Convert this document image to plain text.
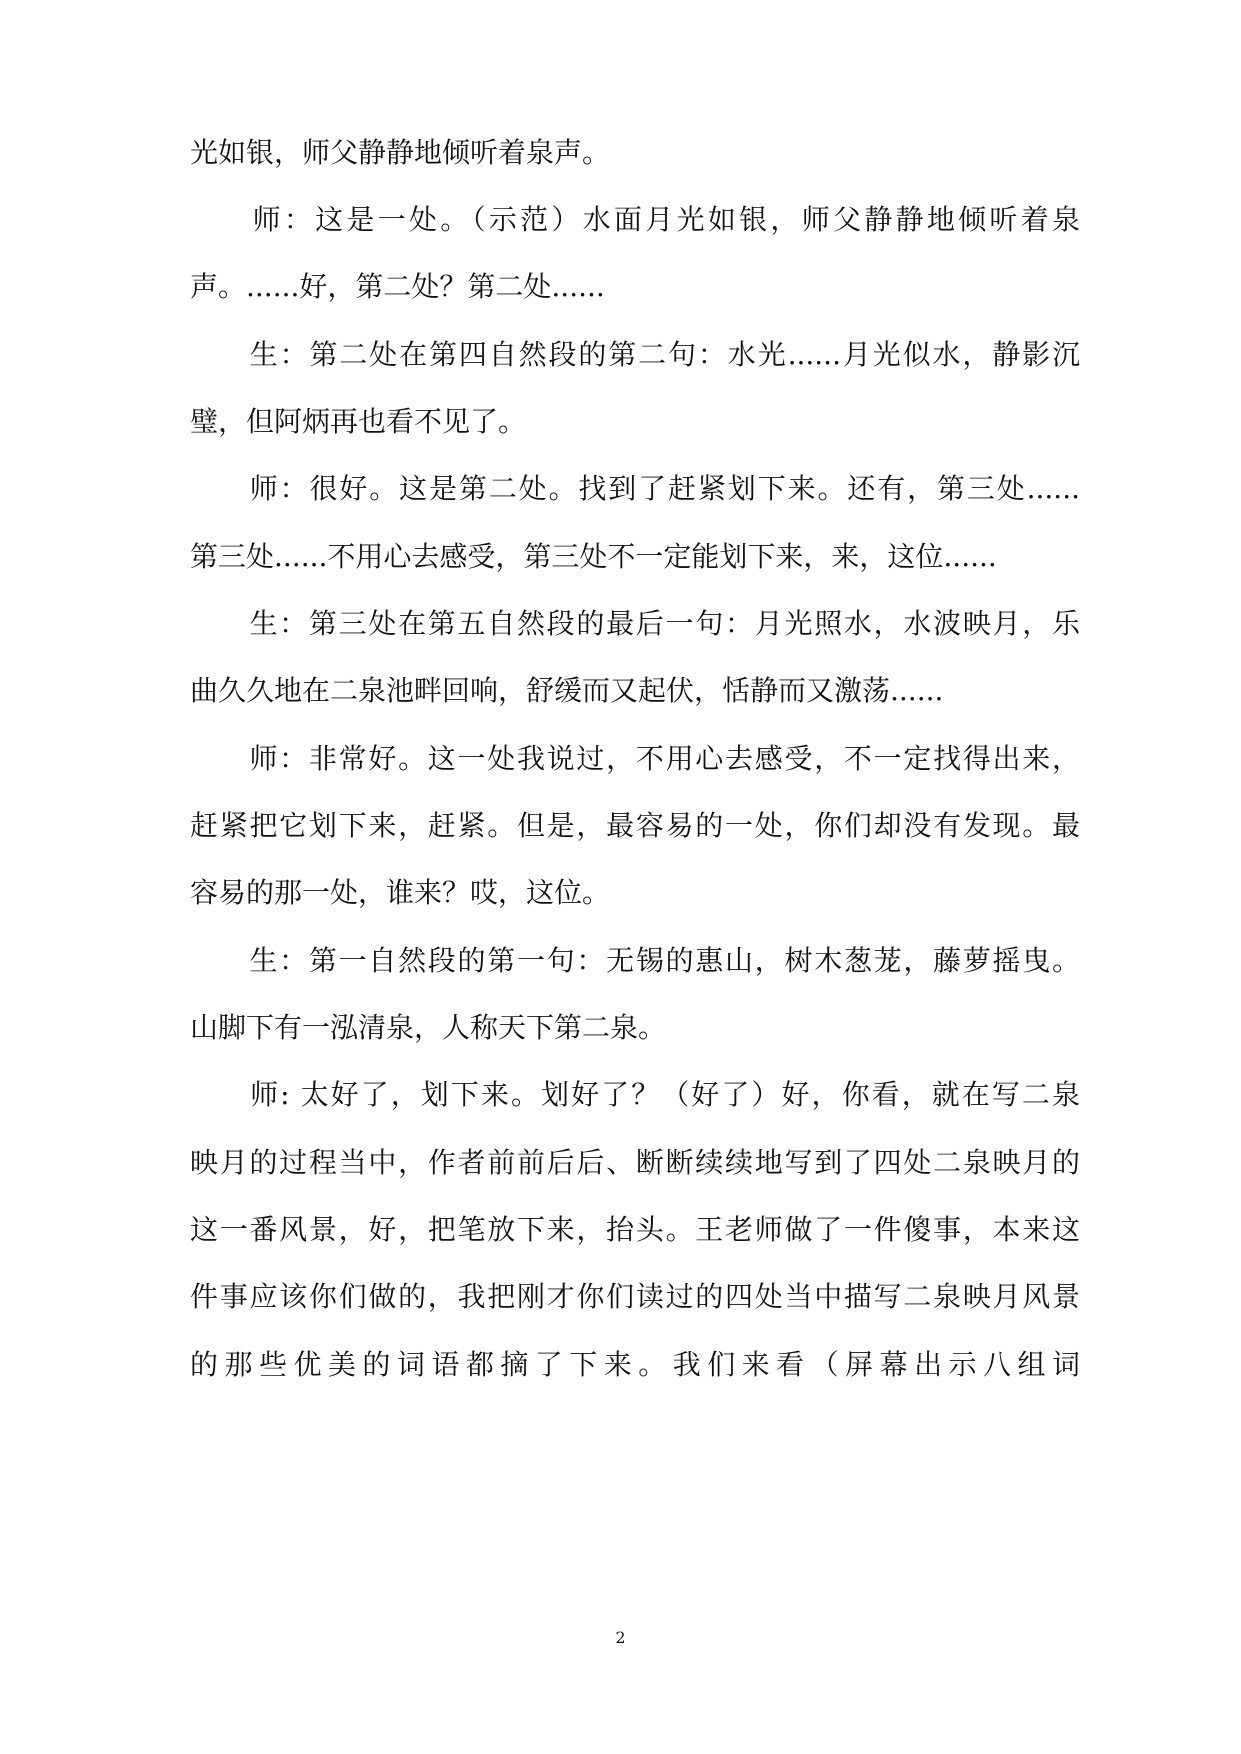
光如银，师父静静地倾听着泉声。
　　师：这是一处。（示范）水面月光如银，师父静静地倾听着泉
声。......好，第二处？第二处......
　　生：第二处在第四自然段的第二句：水光......月光似水，静影沉
璧，但阿炳再也看不见了。
　　师：很好。这是第二处。找到了赶紧划下来。还有，第三处......
第三处......不用心去感受，第三处不一定能划下来，来，这位......
　　生：第三处在第五自然段的最后一句：月光照水，水波映月，乐
曲久久地在二泉池畔回响，舒缓而又起伏，恬静而又激荡......
　　师：非常好。这一处我说过，不用心去感受，不一定找得出来，
赶紧把它划下来，赶紧。但是，最容易的一处，你们却没有发现。最
容易的那一处，谁来？哎，这位。
　　生：第一自然段的第一句：无锡的惠山，树木葱茏，藤萝摇曳。
山脚下有一泓清泉，人称天下第二泉。
　　师: 太好了，划下来。划好了？（好了）好，你看，就在写二泉
映月的过程当中，作者前前后后、断断续续地写到了四处二泉映月的
这一番风景，好，把笔放下来，抬头。王老师做了一件傻事，本来这
件事应该你们做的，我把刚才你们读过的四处当中描写二泉映月风景
的那些优美的词语都摘了下来。我们来看（屏幕出示八组词
2
